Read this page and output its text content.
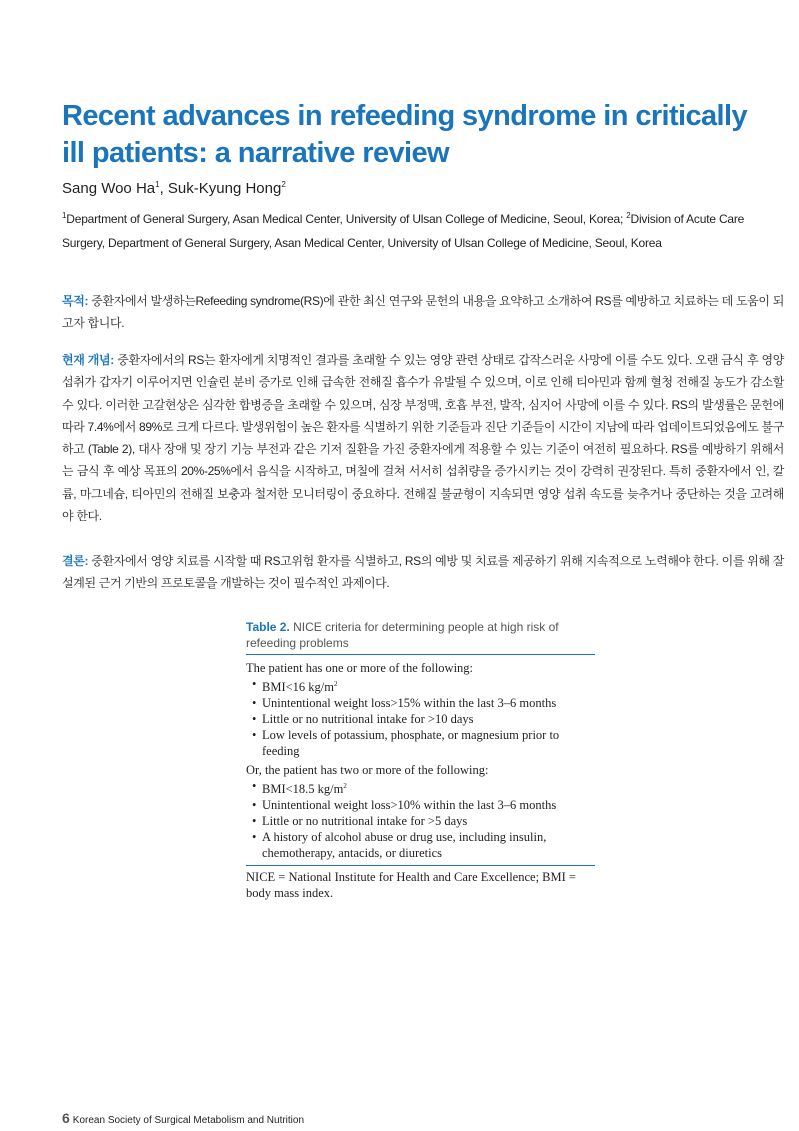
Recent advances in refeeding syndrome in critically ill patients: a narrative review
Sang Woo Ha$^1$, Suk-Kyung Hong$^2$
$^1$Department of General Surgery, Asan Medical Center, University of Ulsan College of Medicine, Seoul, Korea; $^2$Division of Acute Care Surgery, Department of General Surgery, Asan Medical Center, University of Ulsan College of Medicine, Seoul, Korea

목적: 중환자에서 발생하는Refeeding syndrome(RS)에 관한 최신 연구와 문헌의 내용을 요약하고 소개하여 RS를 예방하고 치료하는 데 도움이 되고자 합니다.

현재 개념: 중환자에서의 RS는 환자에게 치명적인 결과를 초래할 수 있는 영양 관련 상태로 갑작스러운 사망에 이를 수도 있다. 오랜 금식 후 영양 섭취가 갑자기 이루어지면 인슐린 분비 증가로 인해 급속한 전해질 흡수가 유발될 수 있으며, 이로 인해 티아민과 함께 혈청 전해질 농도가 감소할 수 있다. 이러한 고갈현상은 심각한 합병증을 초래할 수 있으며, 심장 부정맥, 호흡 부전, 발작, 심지어 사망에 이를 수 있다. RS의 발생률은 문헌에 따라 7.4%에서 89%로 크게 다르다. 발생위험이 높은 환자를 식별하기 위한 기준들과 진단 기준들이 시간이 지남에 따라 업데이트되었음에도 불구하고 (Table 2), 대사 장애 및 장기 기능 부전과 같은 기저 질환을 가진 중환자에게 적용할 수 있는 기준이 여전히 필요하다. RS를 예방하기 위해서는 금식 후 예상 목표의 20%-25%에서 음식을 시작하고, 며칠에 걸쳐 서서히 섭취량을 증가시키는 것이 강력히 권장된다. 특히 중환자에서 인, 칼륨, 마그네슘, 티아민의 전해질 보충과 철저한 모니터링이 중요하다. 전해질 불균형이 지속되면 영양 섭취 속도를 늦추거나 중단하는 것을 고려해야 한다.

결론: 중환자에서 영양 치료를 시작할 때 RS고위험 환자를 식별하고, RS의 예방 및 치료를 제공하기 위해 지속적으로 노력해야 한다. 이를 위해 잘 설계된 근거 기반의 프로토콜을 개발하는 것이 필수적인 과제이다.

Table 2. NICE criteria for determining people at high risk of refeeding problems
The patient has one or more of the following:
• BMI<16 $kg/m^2$
• Unintentional weight loss>15% within the last 3–6 months
• Little or no nutritional intake for >10 days
• Low levels of potassium, phosphate, or magnesium prior to feeding
Or, the patient has two or more of the following:
• BMI<18.5 $kg/m^2$
• Unintentional weight loss>10% within the last 3–6 months
• Little or no nutritional intake for >5 days
• A history of alcohol abuse or drug use, including insulin, chemotherapy, antacids, or diuretics
NICE = National Institute for Health and Care Excellence; BMI = body mass index.
6 Korean Society of Surgical Metabolism and Nutrition
